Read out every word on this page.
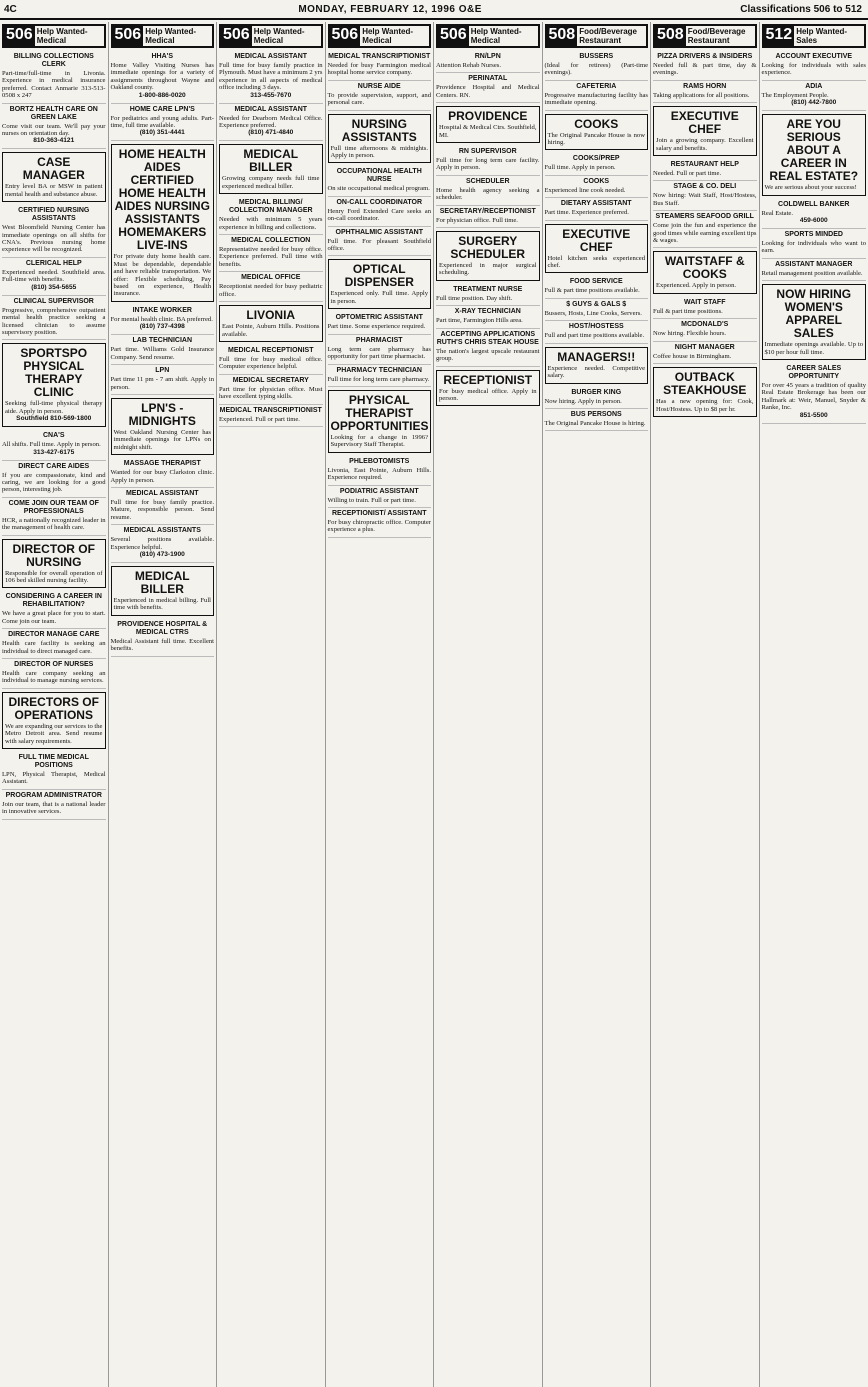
4C	MONDAY, FEBRUARY 12, 1996 O&E	Classifications 506 to 512
506 Help Wanted-Medical
BILLING COLLECTIONS CLERK
Part-time/full-time in Livonia. Experience in medical insurance preferred. Contact Anmarie 313-513-0508 x 247
BORTZ HEALTH CARE ON GREEN LAKE
Come visit our team. We'll pay your nurses on orientation day.
810-363-4121
CASE MANAGER
Entry level BA or MSW in patient mental health and substance abuse.
CERTIFIED NURSING ASSISTANTS
West Bloomfield Nursing Center has immediate openings on all shifts for CNA's. Previous nursing home experience will be recognized.
CLERICAL HELP
Experienced needed. Southfield area. Full-time with benefits.
(810) 354-5655
CLINICAL SUPERVISOR
Progressive, comprehensive outpatient mental health practice seeking a licensed clinician to assume supervisory position.
SPORTSPO PHYSICAL THERAPY CLINIC
Seeking full-time physical therapy aide. Apply in person.
Southfield 810-569-1800
CNA'S
All shifts. Full time. Apply in person.
313-427-6175
DIRECT CARE AIDES
If you are compassionate, kind and caring, we are looking for a good person, interesting job.
COME JOIN OUR TEAM OF PROFESSIONALS
HCR, a nationally recognized leader in the management of health care.
DIRECTOR OF NURSING
Responsible for overall operation of 106 bed skilled nursing facility.
CONSIDERING A CAREER IN REHABILITATION?
We have a great place for you to start. Come join our team.
DIRECTOR MANAGE CARE
Health care facility is seeking an individual to direct managed care.
DIRECTOR OF NURSES
Health care company seeking an individual to manage nursing services.
DIRECTORS OF OPERATIONS
We are expanding our services to the Metro Detroit area. Send resume with salary requirements.
FULL TIME MEDICAL POSITIONS
LPN, Physical Therapist, Medical Assistant.
PROGRAM ADMINISTRATOR
Join our team, that is a national leader in innovative services.
506 Help Wanted-Medical
HHA'S
Home Valley Visiting Nurses has immediate openings for a variety of assignments throughout Wayne and Oakland county.
1-800-886-0020
HOME CARE LPN'S
For pediatrics and young adults. Part-time, full time available.
(810) 351-4441
HOME HEALTH AIDES CERTIFIED HOME HEALTH AIDES NURSING ASSISTANTS HOMEMAKERS LIVE-INS
For private duty home health care. Must be dependable, dependable and have reliable transportation. We offer: Flexible scheduling, Pay based on experience, Health insurance.
INTAKE WORKER
For mental health clinic. BA preferred.
(810) 737-4398
LAB TECHNICIAN
Part time. Williams Gold Insurance Company. Send resume.
LPN
Part time 11 pm - 7 am shift. Apply in person.
LPN'S - MIDNIGHTS
West Oakland Nursing Center has immediate openings for LPNs on midnight shift.
MASSAGE THERAPIST
Wanted for our busy Clarkston clinic. Apply in person.
MEDICAL ASSISTANT
Full time for busy family practice. Mature, responsible person. Send resume.
MEDICAL ASSISTANTS
Several positions available. Experience helpful.
(810) 473-1900
MEDICAL BILLER
Experienced in medical billing. Full time with benefits.
PROVIDENCE HOSPITAL & MEDICAL CTRS
Medical Assistant full time. Excellent benefits.
506 Help Wanted-Medical
MEDICAL ASSISTANT
Full time for busy family practice in Plymouth. Must have a minimum 2 yrs experience in all aspects of medical office including 3 days.
313-455-7670
MEDICAL ASSISTANT
Needed for Dearborn Medical Office. Experience preferred.
(810) 471-4840
MEDICAL BILLER
Growing company needs full time experienced medical biller.
MEDICAL BILLING/ COLLECTION MANAGER
Needed with minimum 5 years experience in billing and collections.
MEDICAL COLLECTION
Representative needed for busy office. Experience preferred. Full time with benefits.
MEDICAL OFFICE
Receptionist needed for busy pediatric office.
LIVONIA
East Pointe, Auburn Hills. Positions available.
MEDICAL RECEPTIONIST
Full time for busy medical office. Computer experience helpful.
MEDICAL SECRETARY
Part time for physician office. Must have excellent typing skills.
MEDICAL TRANSCRIPTIONIST
Experienced. Full or part time.
506 Help Wanted-Medical
MEDICAL TRANSCRIPTIONIST
Needed for busy Farmington medical hospital home service company.
NURSE AIDE
To provide supervision, support, and personal care.
NURSING ASSISTANTS
Full time afternoons & midnights. Apply in person.
OCCUPATIONAL HEALTH NURSE
On site occupational medical program.
ON-CALL COORDINATOR
Henry Ford Extended Care seeks an on-call coordinator.
OPHTHALMIC ASSISTANT
Full time. For pleasant Southfield office.
OPTICAL DISPENSER
Experienced only. Full time. Apply in person.
OPTOMETRIC ASSISTANT
Part time. Some experience required.
PHARMACIST
Long term care pharmacy has opportunity for part time pharmacist.
PHARMACY TECHNICIAN
Full time for long term care pharmacy.
PHYSICAL THERAPIST OPPORTUNITIES
Looking for a change in 1996? Supervisory Staff Therapist.
PHLEBOTOMISTS
Livonia, East Pointe, Auburn Hills. Experience required.
PODIATRIC ASSISTANT
Willing to train. Full or part time.
RECEPTIONIST/ ASSISTANT
For busy chiropractic office. Computer experience a plus.
506 Help Wanted-Medical
RN/LPN
Attention Rehab Nurses.
PERINATAL
Providence Hospital and Medical Centers. RN.
PROVIDENCE
Hospital & Medical Ctrs. Southfield, MI.
RN SUPERVISOR
Full time for long term care facility. Apply in person.
SCHEDULER
Home health agency seeking a scheduler.
SECRETARY/RECEPTIONIST
For physician office. Full time.
SURGERY SCHEDULER
Experienced in major surgical scheduling.
TREATMENT NURSE
Full time position. Day shift.
X-RAY TECHNICIAN
Part time, Farmington Hills area.
ACCEPTING APPLICATIONS RUTH'S CHRIS STEAK HOUSE
The nation's largest upscale restaurant group.
RECEPTIONIST
For busy medical office. Apply in person.
508 Food/Beverage Restaurant
BUSSERS
(Ideal for retirees) (Part-time evenings).
CAFETERIA
Progressive manufacturing facility has immediate opening.
COOKS
The Original Pancake House is now hiring.
COOKS/PREP
Full time. Apply in person.
COOKS
Experienced line cook needed.
DIETARY ASSISTANT
Part time. Experience preferred.
EXECUTIVE CHEF
Hotel kitchen seeks experienced chef.
FOOD SERVICE
Full & part time positions available.
$ GUYS & GALS $
Bussers, Hosts, Line Cooks, Servers.
HOST/HOSTESS
Full and part time positions available.
MANAGERS!!
Experience needed. Competitive salary.
BURGER KING
Now hiring. Apply in person.
BUS PERSONS
The Original Pancake House is hiring.
508 Food/Beverage Restaurant
PIZZA DRIVERS & INSIDERS
Needed full & part time, day & evenings.
RAMS HORN
Taking applications for all positions.
EXECUTIVE CHEF
Join a growing company. Excellent salary and benefits.
RESTAURANT HELP
Needed. Full or part time.
STAGE & CO. DELI
Now hiring: Wait Staff, Host/Hostess, Bus Staff.
STEAMERS SEAFOOD GRILL
Come join the fun and experience the good times while earning excellent tips & wages.
WAITSTAFF & COOKS
Experienced. Apply in person.
WAIT STAFF
Full & part time positions.
MCDONALD'S
Now hiring. Flexible hours.
NIGHT MANAGER
Coffee house in Birmingham.
OUTBACK STEAKHOUSE
Has a new opening for: Cook, Host/Hostess. Up to $8 per hr.
512 Help Wanted-Sales
ACCOUNT EXECUTIVE
Looking for individuals with sales experience.
ADIA
The Employment People.
(810) 442-7800
ARE YOU SERIOUS ABOUT A CAREER IN REAL ESTATE?
We are serious about your success!
COLDWELL BANKER
Real Estate.
459-6000
SPORTS MINDED
Looking for individuals who want to earn.
ASSISTANT MANAGER
Retail management position available.
NOW HIRING WOMEN'S APPAREL SALES
Immediate openings available. Up to $10 per hour full time.
CAREER SALES OPPORTUNITY
For over 45 years a tradition of quality Real Estate Brokerage has been our Hallmark at: Weir, Manuel, Snyder & Ranke, Inc.
851-5500
